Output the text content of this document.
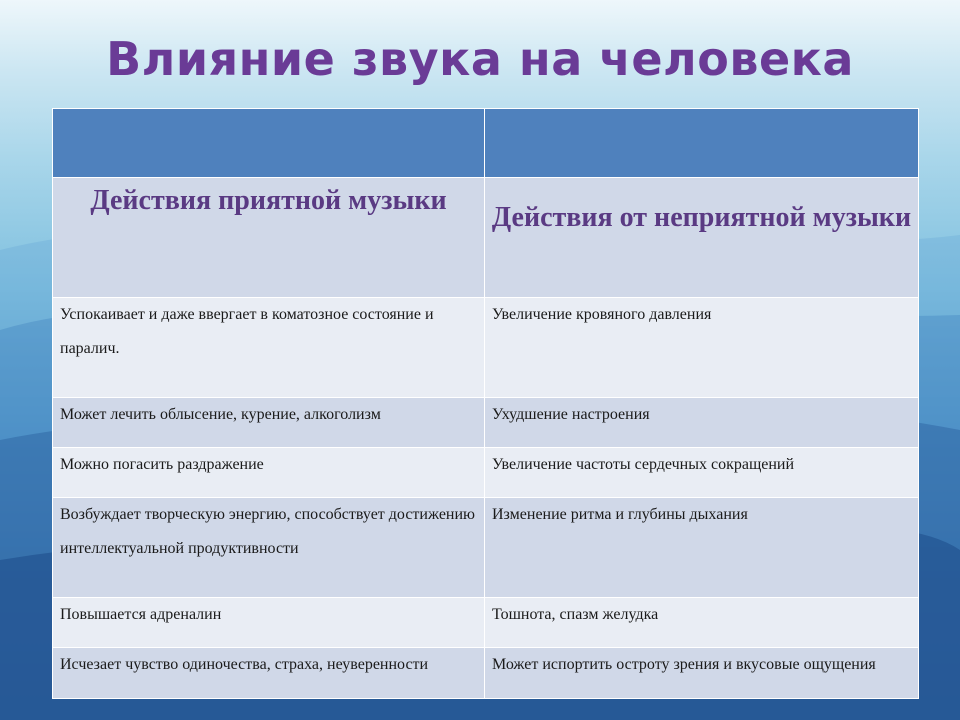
Влияние звука на человека

Действия приятной музыки	Действия от неприятной музыки
Успокаивает и даже ввергает в коматозное состояние и паралич.	Увеличение кровяного давления
Может лечить облысение, курение, алкоголизм	Ухудшение настроения
Можно погасить раздражение	Увеличение частоты сердечных сокращений
Возбуждает творческую энергию, способствует достижению интеллектуальной продуктивности	Изменение ритма и глубины дыхания
Повышается адреналин	Тошнота, спазм желудка
Исчезает чувство одиночества, страха, неуверенности	Может испортить остроту зрения и вкусовые ощущения
